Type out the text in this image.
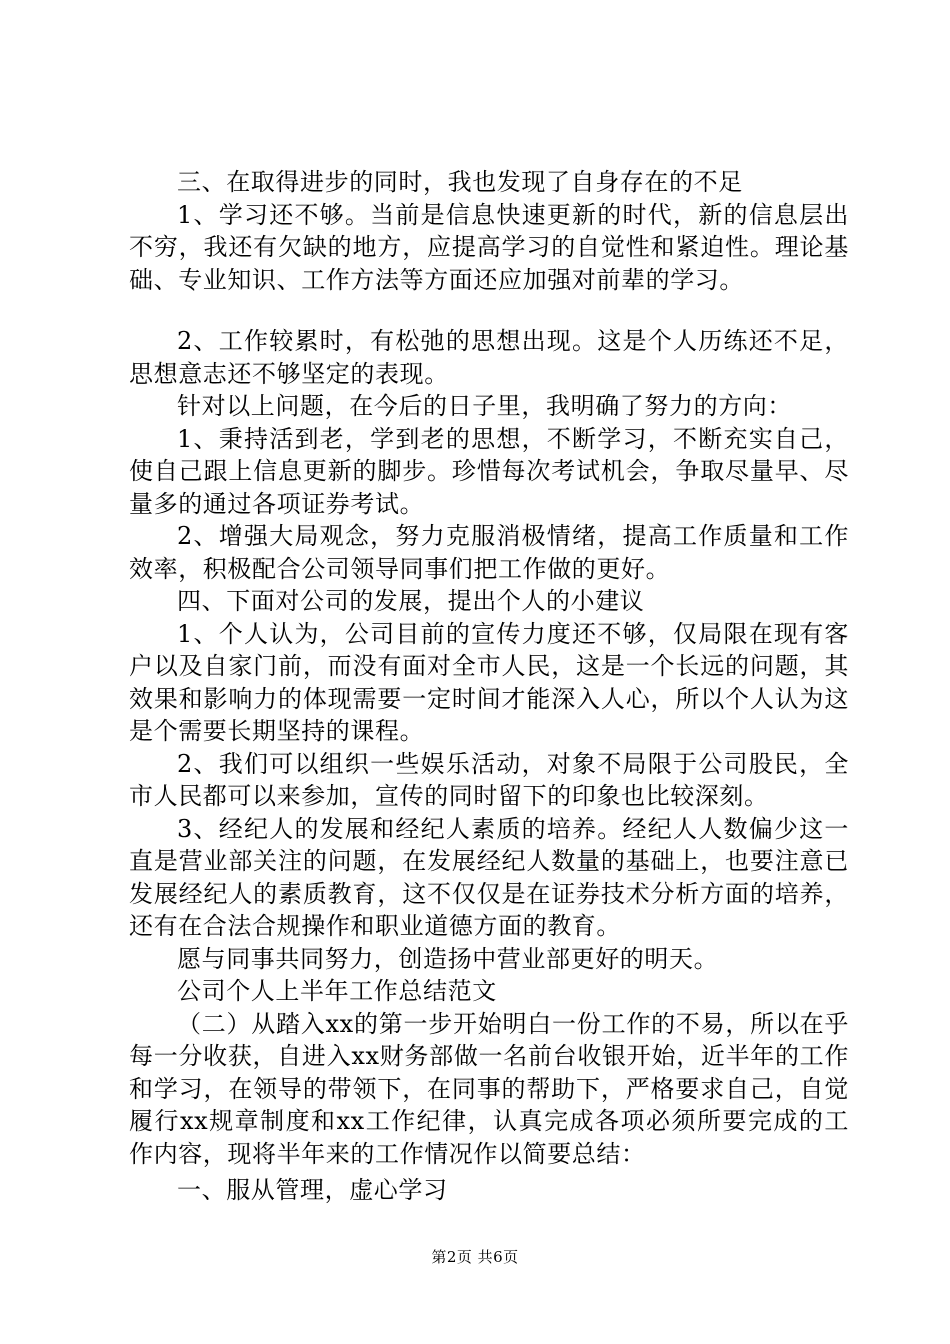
三、在取得进步的同时，我也发现了自身存在的不足

1、学习还不够。当前是信息快速更新的时代，新的信息层出不穷，我还有欠缺的地方，应提高学习的自觉性和紧迫性。理论基础、专业知识、工作方法等方面还应加强对前辈的学习。

2、工作较累时，有松弛的思想出现。这是个人历练还不足，思想意志还不够坚定的表现。

针对以上问题，在今后的日子里，我明确了努力的方向：

1、秉持活到老，学到老的思想，不断学习，不断充实自己，使自己跟上信息更新的脚步。珍惜每次考试机会，争取尽量早、尽量多的通过各项证券考试。

2、增强大局观念，努力克服消极情绪，提高工作质量和工作效率，积极配合公司领导同事们把工作做的更好。

四、下面对公司的发展，提出个人的小建议

1、个人认为，公司目前的宣传力度还不够，仅局限在现有客户以及自家门前，而没有面对全市人民，这是一个长远的问题，其效果和影响力的体现需要一定时间才能深入人心，所以个人认为这是个需要长期坚持的课程。

2、我们可以组织一些娱乐活动，对象不局限于公司股民，全市人民都可以来参加，宣传的同时留下的印象也比较深刻。

3、经纪人的发展和经纪人素质的培养。经纪人人数偏少这一直是营业部关注的问题，在发展经纪人数量的基础上，也要注意已发展经纪人的素质教育，这不仅仅是在证券技术分析方面的培养，还有在合法合规操作和职业道德方面的教育。

愿与同事共同努力，创造扬中营业部更好的明天。

公司个人上半年工作总结范文

（二）从踏入xx的第一步开始明白一份工作的不易，所以在乎每一分收获，自进入xx财务部做一名前台收银开始，近半年的工作和学习，在领导的带领下，在同事的帮助下，严格要求自己，自觉履行xx规章制度和xx工作纪律，认真完成各项必须所要完成的工作内容，现将半年来的工作情况作以简要总结：

一、服从管理，虚心学习

第2页 共6页
